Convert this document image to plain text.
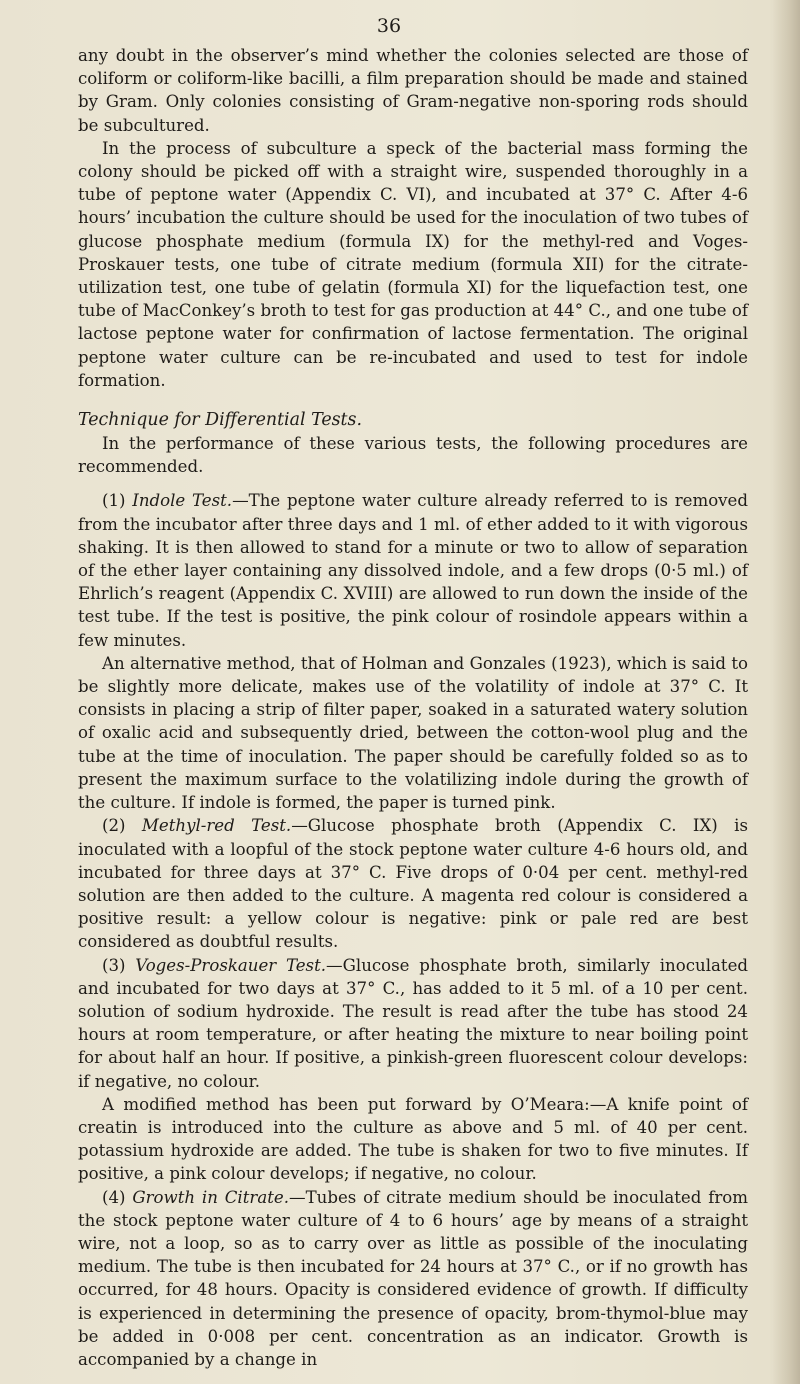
36

any doubt in the observer’s mind whether the colonies selected are those of coliform or coliform-like bacilli, a film preparation should be made and stained by Gram. Only colonies consisting of Gram-negative non-sporing rods should be subcultured.

In the process of subculture a speck of the bacterial mass forming the colony should be picked off with a straight wire, suspended thoroughly in a tube of peptone water (Appendix C. VI), and incubated at 37° C. After 4-6 hours’ incubation the culture should be used for the inoculation of two tubes of glucose phosphate medium (formula IX) for the methyl-red and Voges-Proskauer tests, one tube of citrate medium (formula XII) for the citrate-utilization test, one tube of gelatin (formula XI) for the liquefaction test, one tube of MacConkey’s broth to test for gas production at 44° C., and one tube of lactose peptone water for confirmation of lactose fermentation. The original peptone water culture can be re-incubated and used to test for indole formation.

Technique for Differential Tests.

In the performance of these various tests, the following procedures are recommended.

(1) Indole Test.—The peptone water culture already referred to is removed from the incubator after three days and 1 ml. of ether added to it with vigorous shaking. It is then allowed to stand for a minute or two to allow of separation of the ether layer containing any dissolved indole, and a few drops (0·5 ml.) of Ehrlich’s reagent (Appendix C. XVIII) are allowed to run down the inside of the test tube. If the test is positive, the pink colour of rosindole appears within a few minutes.

An alternative method, that of Holman and Gonzales (1923), which is said to be slightly more delicate, makes use of the volatility of indole at 37° C. It consists in placing a strip of filter paper, soaked in a saturated watery solution of oxalic acid and subsequently dried, between the cotton-wool plug and the tube at the time of inoculation. The paper should be carefully folded so as to present the maximum surface to the volatilizing indole during the growth of the culture. If indole is formed, the paper is turned pink.

(2) Methyl-red Test.—Glucose phosphate broth (Appendix C. IX) is inoculated with a loopful of the stock peptone water culture 4-6 hours old, and incubated for three days at 37° C. Five drops of 0·04 per cent. methyl-red solution are then added to the culture. A magenta red colour is considered a positive result: a yellow colour is negative: pink or pale red are best considered as doubtful results.

(3) Voges-Proskauer Test.—Glucose phosphate broth, similarly inoculated and incubated for two days at 37° C., has added to it 5 ml. of a 10 per cent. solution of sodium hydroxide. The result is read after the tube has stood 24 hours at room temperature, or after heating the mixture to near boiling point for about half an hour. If positive, a pinkish-green fluorescent colour develops: if negative, no colour.

A modified method has been put forward by O’Meara:—A knife point of creatin is introduced into the culture as above and 5 ml. of 40 per cent. potassium hydroxide are added. The tube is shaken for two to five minutes. If positive, a pink colour develops; if negative, no colour.

(4) Growth in Citrate.—Tubes of citrate medium should be inoculated from the stock peptone water culture of 4 to 6 hours’ age by means of a straight wire, not a loop, so as to carry over as little as possible of the inoculating medium. The tube is then incubated for 24 hours at 37° C., or if no growth has occurred, for 48 hours. Opacity is considered evidence of growth. If difficulty is experienced in determining the presence of opacity, brom-thymol-blue may be added in 0·008 per cent. concentration as an indicator. Growth is accompanied by a change in
